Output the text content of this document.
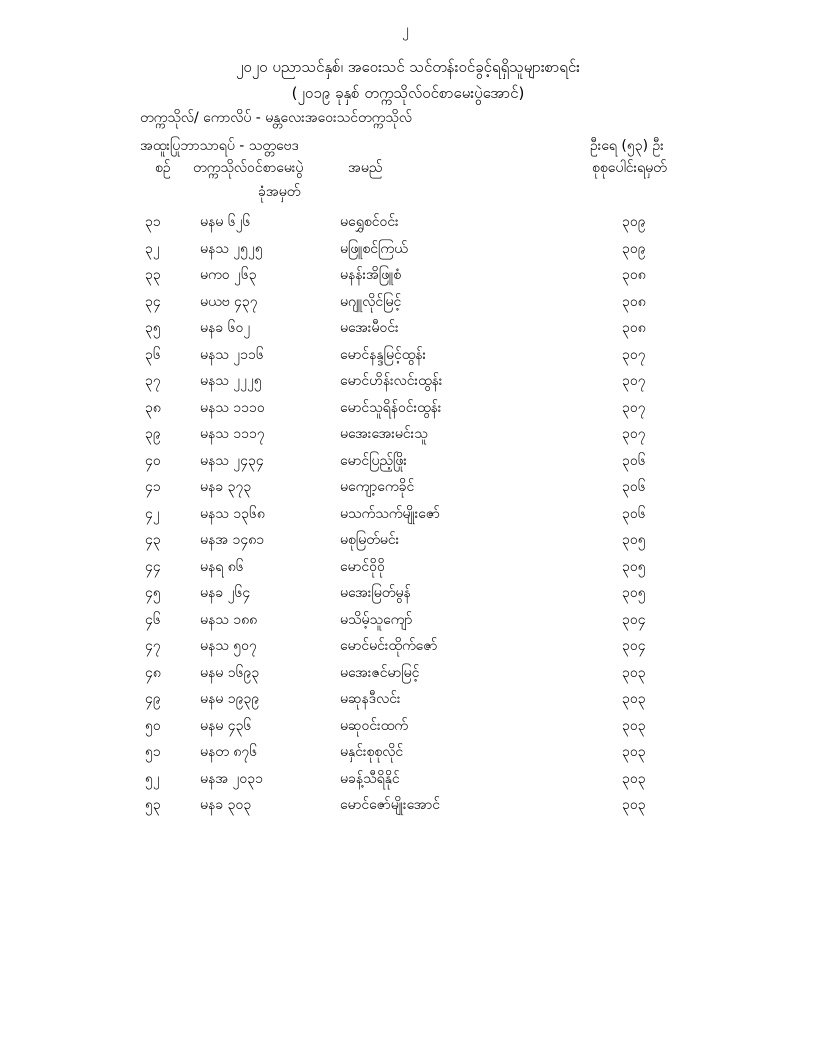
၂
၂၀၂၀ ပညာသင်နှစ်၊ အဝေးသင် သင်တန်းဝင်ခွင့်ရရှိသူများစာရင်း
(၂၀၁၉ ခုနှစ် တက္ကသိုလ်ဝင်စာမေးပွဲအောင်)
တက္ကသိုလ်/ ကောလိပ် - မန္တလေးအဝေးသင်တက္ကသိုလ်
အထူးပြုဘာသာရပ် - သတ္တဗေဒ	ဦးရေ (၅၃) ဦး
စဉ် တက္ကသိုလ်ဝင်စာမေးပွဲ
ခုံအမှတ်
အမည်	စုစုပေါင်းရမှတ်
၃၁	မနမ ၆၂၆	မရွှေစင်ဝင်း	၃၀၉
၃၂	မနသ ၂၅၂၅	မဖြူစင်ကြယ်	၃၀၉
၃၃	မက၀ ၂၆၃	မနန်းအိဖြူစံ	၃၀၈
၃၄	မယဗ ၄၃၇	မဂျူလိုင်မြင့်	၃၀၈
၃၅	မနခ ၆၀၂	မအေးမီဝင်း	၃၀၈
၃၆	မနသ ၂၁၁၆	မောင်နန္ဒမြင့်ထွန်း	၃၀၇
၃၇	မနသ ၂၂၂၅	မောင်ဟိန်းလင်းထွန်း	၃၀၇
၃၈	မနသ ၁၁၁၀	မောင်သူရိန်ဝင်းထွန်း	၃၀၇
၃၉	မနသ ၁၁၁၇	မအေးအေးမင်းသူ	၃၀၇
၄၀	မနသ ၂၄၃၄	မောင်ပြည့်ဖြိုး	၃၀၆
၄၁	မနခ ၃၇၃	မကျော့ကေခိုင်	၃၀၆
၄၂	မနသ ၁၃၆၈	မသက်သက်မျိုးဇော်	၃၀၆
၄၃	မနအ ၁၄၈၁	မစုမြတ်မင်း	၃၀၅
၄၄	မနရ ၈၆	မောင်ဝိုဝို	၃၀၅
၄၅	မနခ ၂၆၄	မအေးမြတ်မွန်	၃၀၅
၄၆	မနသ ၁၈၈	မသိမ့်သူကျော်	၃၀၄
၄၇	မနသ ၅၀၇	မောင်မင်းထိုက်ဇော်	၃၀၄
၄၈	မနမ ၁၆၉၃	မအေးဇင်မာမြင့်	၃၀၃
၄၉	မနမ ၁၉၃၉	မဆုနဒီလင်း	၃၀၃
၅၀	မနမ ၄၃၆	မဆုဝင်းထက်	၃၀၃
၅၁	မနတ ၈၇၆	မနှင်းစုစုလိုင်	၃၀၃
၅၂	မနအ ၂၀၃၁	မခန့်သီရိနိုင်	၃၀၃
၅၃	မနခ ၃၀၃	မောင်ဇော်မျိုးအောင်	၃၀၃
